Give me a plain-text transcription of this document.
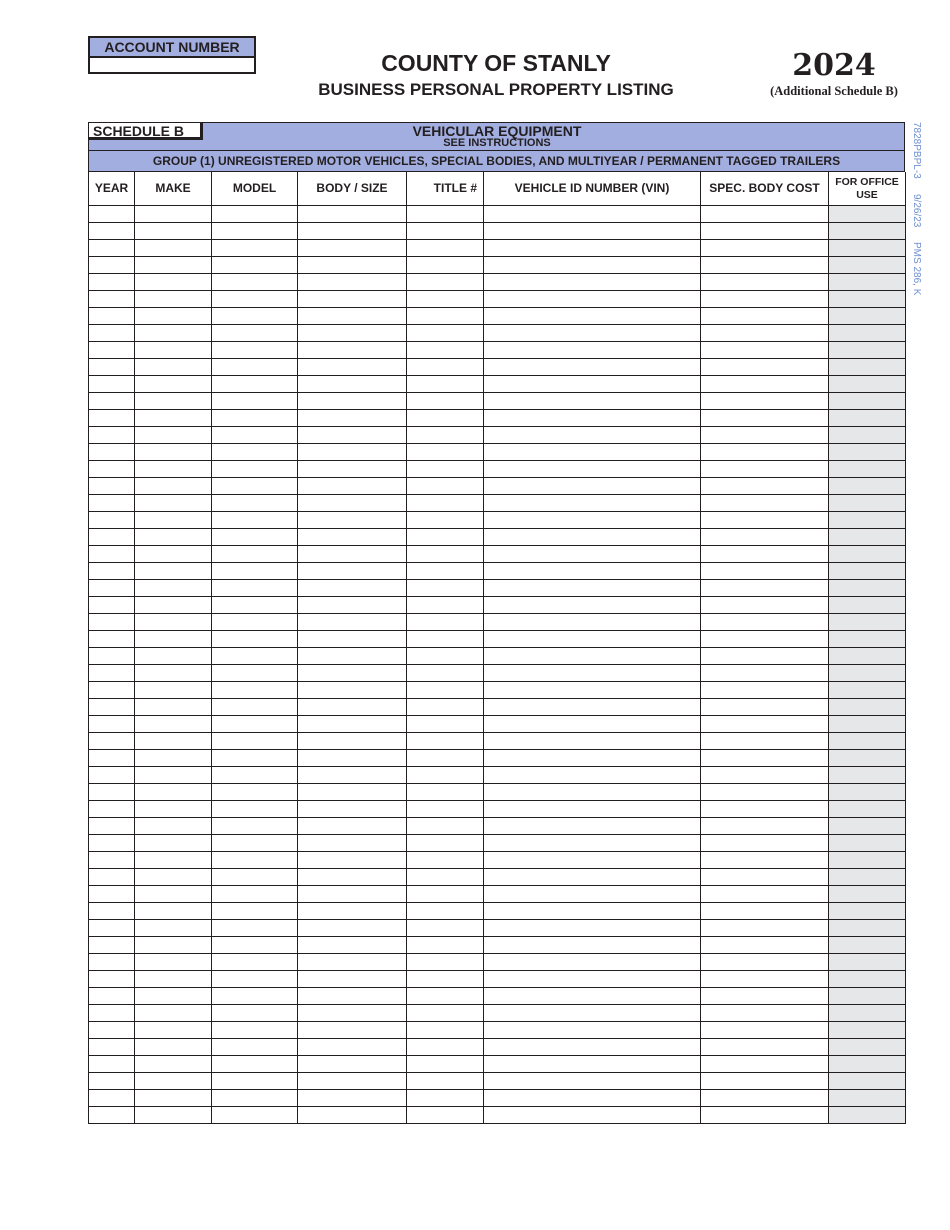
ACCOUNT NUMBER
COUNTY OF STANLY
BUSINESS PERSONAL PROPERTY LISTING
2024
(Additional Schedule B)
7828PBPL-3 9/26/23 PMS 286, K
SCHEDULE B	VEHICULAR EQUIPMENT
SEE INSTRUCTIONS
GROUP (1) UNREGISTERED MOTOR VEHICLES, SPECIAL BODIES, AND MULTIYEAR / PERMANENT TAGGED TRAILERS
YEAR	MAKE	MODEL	BODY / SIZE	TITLE #	VEHICLE ID NUMBER (VIN)	SPEC. BODY COST	FOR OFFICE USE
